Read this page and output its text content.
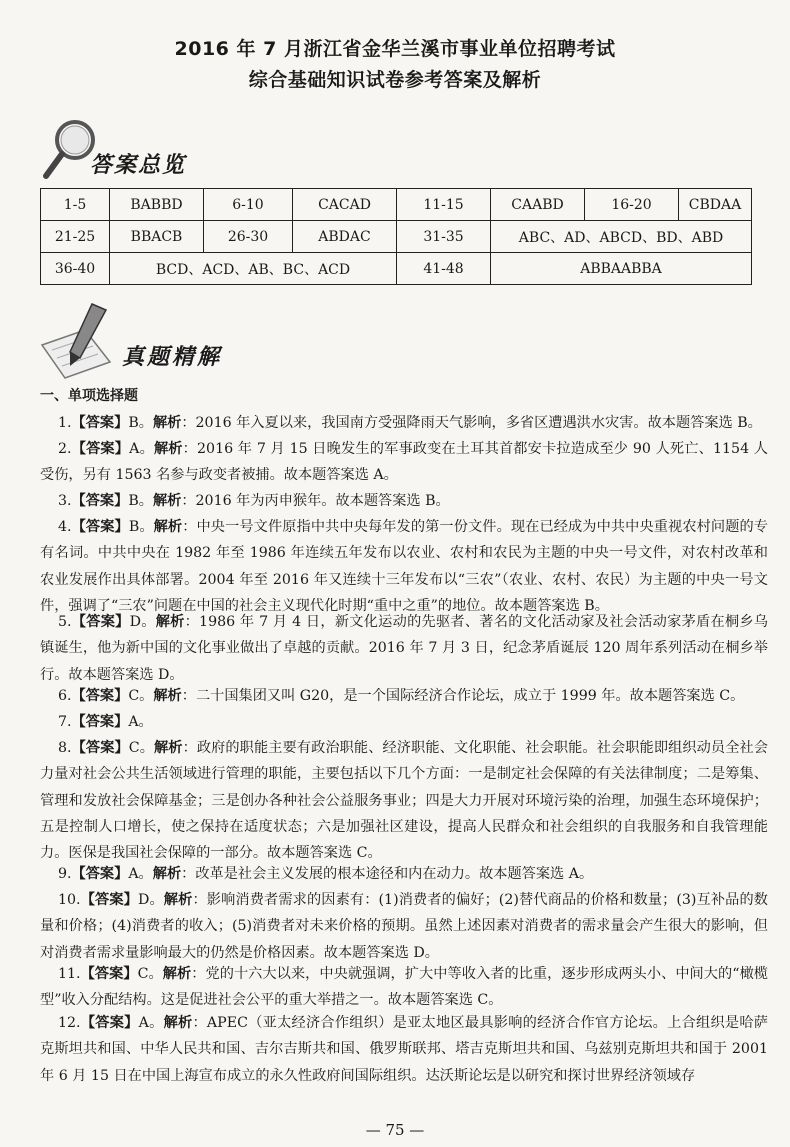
2016 年 7 月浙江省金华兰溪市事业单位招聘考试
综合基础知识试卷参考答案及解析
答案总览
1-5	BABBD	6-10	CACAD	11-15	CAABD	16-20	CBDAA
21-25	BBACB	26-30	ABDAC	31-35	ABC、AD、ABCD、BD、ABD		
36-40	BCD、ACD、AB、BC、ACD			41-48	ABBAABBA		
真题精解
一、单项选择题
1.【答案】B。解析：2016 年入夏以来，我国南方受强降雨天气影响，多省区遭遇洪水灾害。故本题答案选 B。
2.【答案】A。解析：2016 年 7 月 15 日晚发生的军事政变在土耳其首都安卡拉造成至少 90 人死亡、1154 人受伤，另有 1563 名参与政变者被捕。故本题答案选 A。
3.【答案】B。解析：2016 年为丙申猴年。故本题答案选 B。
4.【答案】B。解析：中央一号文件原指中共中央每年发的第一份文件。现在已经成为中共中央重视农村问题的专有名词。中共中央在 1982 年至 1986 年连续五年发布以农业、农村和农民为主题的中央一号文件，对农村改革和农业发展作出具体部署。2004 年至 2016 年又连续十三年发布以“三农”（农业、农村、农民）为主题的中央一号文件，强调了“三农”问题在中国的社会主义现代化时期“重中之重”的地位。故本题答案选 B。
5.【答案】D。解析：1986 年 7 月 4 日，新文化运动的先驱者、著名的文化活动家及社会活动家茅盾在桐乡乌镇诞生，他为新中国的文化事业做出了卓越的贡献。2016 年 7 月 3 日，纪念茅盾诞辰 120 周年系列活动在桐乡举行。故本题答案选 D。
6.【答案】C。解析：二十国集团又叫 G20，是一个国际经济合作论坛，成立于 1999 年。故本题答案选 C。
7.【答案】A。
8.【答案】C。解析：政府的职能主要有政治职能、经济职能、文化职能、社会职能。社会职能即组织动员全社会力量对社会公共生活领域进行管理的职能，主要包括以下几个方面：一是制定社会保障的有关法律制度；二是筹集、管理和发放社会保障基金；三是创办各种社会公益服务事业；四是大力开展对环境污染的治理，加强生态环境保护；五是控制人口增长，使之保持在适度状态；六是加强社区建设，提高人民群众和社会组织的自我服务和自我管理能力。医保是我国社会保障的一部分。故本题答案选 C。
9.【答案】A。解析：改革是社会主义发展的根本途径和内在动力。故本题答案选 A。
10.【答案】D。解析：影响消费者需求的因素有：(1)消费者的偏好；(2)替代商品的价格和数量；(3)互补品的数量和价格；(4)消费者的收入；(5)消费者对未来价格的预期。虽然上述因素对消费者的需求量会产生很大的影响，但对消费者需求量影响最大的仍然是价格因素。故本题答案选 D。
11.【答案】C。解析：党的十六大以来，中央就强调，扩大中等收入者的比重，逐步形成两头小、中间大的“橄榄型”收入分配结构。这是促进社会公平的重大举措之一。故本题答案选 C。
12.【答案】A。解析：APEC（亚太经济合作组织）是亚太地区最具影响的经济合作官方论坛。上合组织是哈萨克斯坦共和国、中华人民共和国、吉尔吉斯共和国、俄罗斯联邦、塔吉克斯坦共和国、乌兹别克斯坦共和国于 2001 年 6 月 15 日在中国上海宣布成立的永久性政府间国际组织。达沃斯论坛是以研究和探讨世界经济领域存
— 75 —
